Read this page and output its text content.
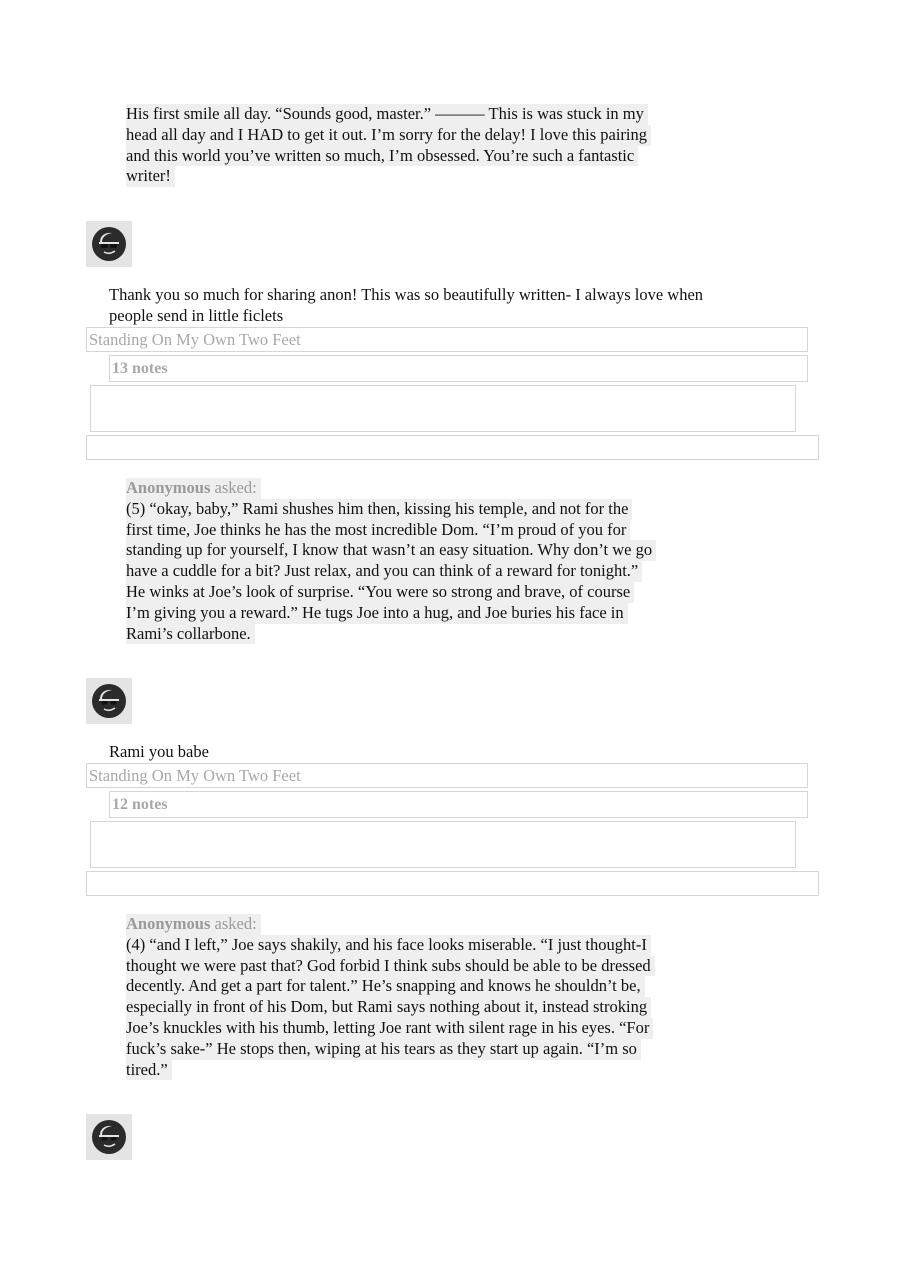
His first smile all day. “Sounds good, master.” ——— This is was stuck in my
head all day and I HAD to get it out. I’m sorry for the delay! I love this pairing
and this world you’ve written so much, I’m obsessed. You’re such a fantastic
writer!
Thank you so much for sharing anon! This was so beautifully written- I always love when
people send in little ficlets
Standing On My Own Two Feet
13 notes
Anonymous asked:
(5) “okay, baby,” Rami shushes him then, kissing his temple, and not for the
first time, Joe thinks he has the most incredible Dom. “I’m proud of you for
standing up for yourself, I know that wasn’t an easy situation. Why don’t we go
have a cuddle for a bit? Just relax, and you can think of a reward for tonight.”
He winks at Joe’s look of surprise. “You were so strong and brave, of course
I’m giving you a reward.” He tugs Joe into a hug, and Joe buries his face in
Rami’s collarbone.
Rami you babe
Standing On My Own Two Feet
12 notes
Anonymous asked:
(4) “and I left,” Joe says shakily, and his face looks miserable. “I just thought-I
thought we were past that? God forbid I think subs should be able to be dressed
decently. And get a part for talent.” He’s snapping and knows he shouldn’t be,
especially in front of his Dom, but Rami says nothing about it, instead stroking
Joe’s knuckles with his thumb, letting Joe rant with silent rage in his eyes. “For
fuck’s sake-” He stops then, wiping at his tears as they start up again. “I’m so
tired.”
